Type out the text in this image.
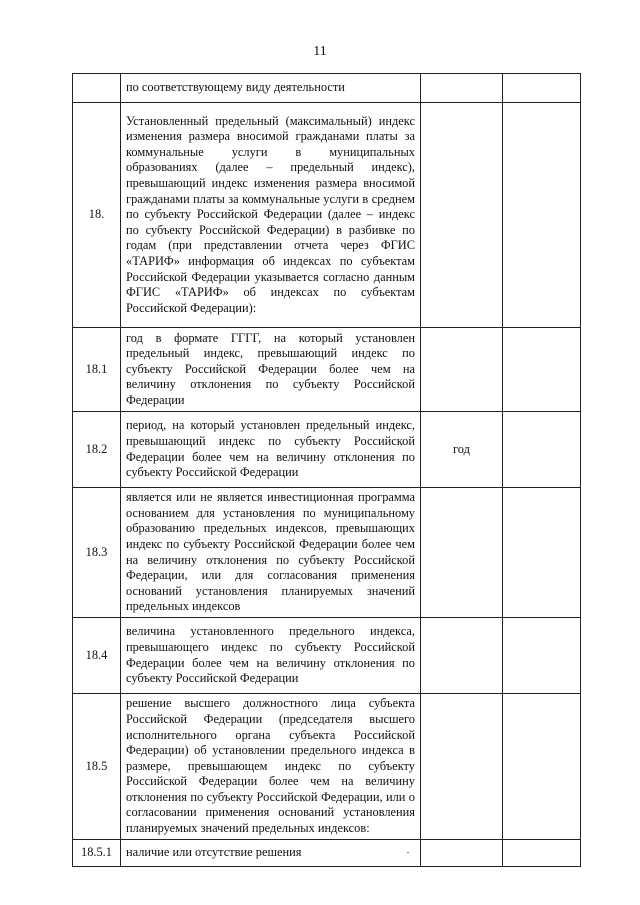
11
	по соответствующему виду деятельности		
18.	Установленный предельный (максимальный) индекс изменения размера вносимой гражданами платы за коммунальные услуги в муниципальных образованиях (далее – предельный индекс), превышающий индекс изменения размера вносимой гражданами платы за коммунальные услуги в среднем по субъекту Российской Федерации (далее – индекс по субъекту Российской Федерации) в разбивке по годам (при представлении отчета через ФГИС «ТАРИФ» информация об индексах по субъектам Российской Федерации указывается согласно данным ФГИС «ТАРИФ» об индексах по субъектам Российской Федерации):		
18.1	год в формате ГГГГ, на который установлен предельный индекс, превышающий индекс по субъекту Российской Федерации более чем на величину отклонения по субъекту Российской Федерации		
18.2	период, на который установлен предельный индекс, превышающий индекс по субъекту Российской Федерации более чем на величину отклонения по субъекту Российской Федерации	год	
18.3	является или не является инвестиционная программа основанием для установления по муниципальному образованию предельных индексов, превышающих индекс по субъекту Российской Федерации более чем на величину отклонения по субъекту Российской Федерации, или для согласования применения оснований установления планируемых значений предельных индексов		
18.4	величина установленного предельного индекса, превышающего индекс по субъекту Российской Федерации более чем на величину отклонения по субъекту Российской Федерации		
18.5	решение высшего должностного лица субъекта Российской Федерации (председателя высшего исполнительного органа субъекта Российской Федерации) об установлении предельного индекса в размере, превышающем индекс по субъекту Российской Федерации более чем на величину отклонения по субъекту Российской Федерации, или о согласовании применения оснований установления планируемых значений предельных индексов:		
18.5.1	наличие или отсутствие решения		
